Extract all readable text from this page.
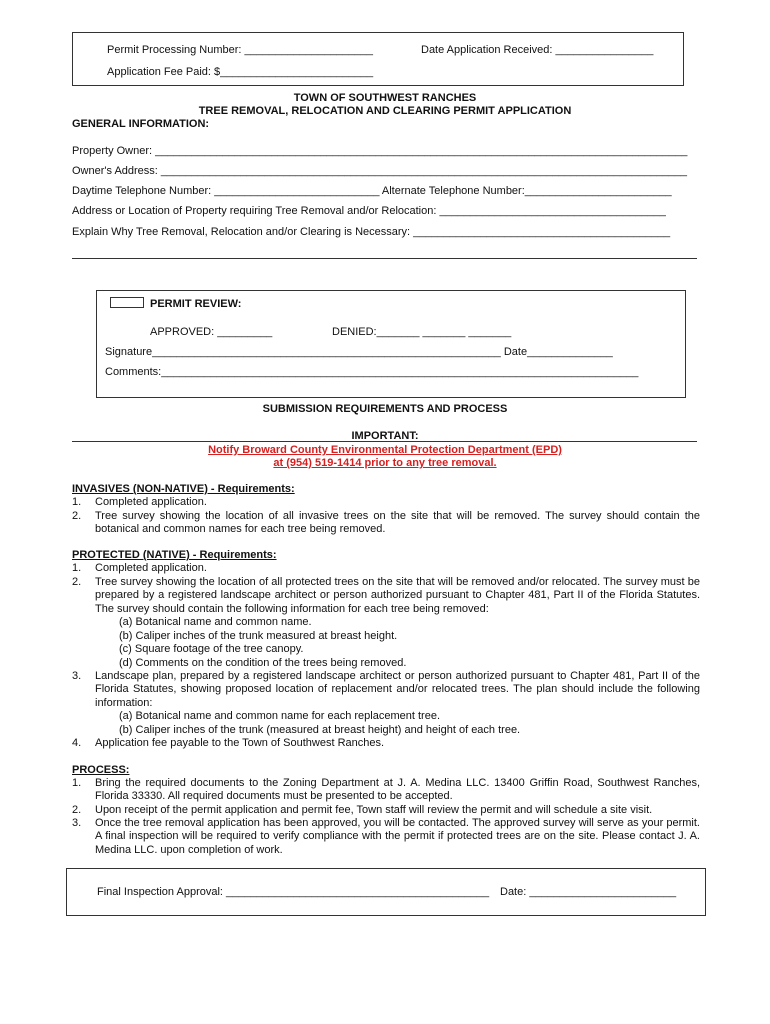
Permit Processing Number: _____________________	Date Application Received: ________________
Application Fee Paid: $_________________________
TOWN OF SOUTHWEST RANCHES
TREE REMOVAL, RELOCATION AND CLEARING PERMIT APPLICATION
GENERAL INFORMATION:
Property Owner: _______________________________________________________________________________________
Owner's Address: ______________________________________________________________________________________
Daytime Telephone Number: ___________________________ Alternate Telephone Number:________________________
Address or Location of Property requiring Tree Removal and/or Relocation: _____________________________________
Explain Why Tree Removal, Relocation and/or Clearing is Necessary: __________________________________________
PERMIT REVIEW:
APPROVED: _________	DENIED:_______ _______ _______
Signature_________________________________________________________ Date______________
Comments:______________________________________________________________________________
SUBMISSION REQUIREMENTS AND PROCESS
IMPORTANT:
Notify Broward County Environmental Protection Department (EPD)
at (954) 519-1414 prior to any tree removal.
INVASIVES (NON-NATIVE) - Requirements:
1. Completed application.
2. Tree survey showing the location of all invasive trees on the site that will be removed. The survey should contain the botanical and common names for each tree being removed.
PROTECTED (NATIVE) - Requirements:
1. Completed application.
2. Tree survey showing the location of all protected trees on the site that will be removed and/or relocated. The survey must be prepared by a registered landscape architect or person authorized pursuant to Chapter 481, Part II of the Florida Statutes. The survey should contain the following information for each tree being removed:
(a) Botanical name and common name.
(b) Caliper inches of the trunk measured at breast height.
(c) Square footage of the tree canopy.
(d) Comments on the condition of the trees being removed.
3. Landscape plan, prepared by a registered landscape architect or person authorized pursuant to Chapter 481, Part II of the Florida Statutes, showing proposed location of replacement and/or relocated trees. The plan should include the following information:
(a) Botanical name and common name for each replacement tree.
(b) Caliper inches of the trunk (measured at breast height) and height of each tree.
4. Application fee payable to the Town of Southwest Ranches.
PROCESS:
1. Bring the required documents to the Zoning Department at J. A. Medina LLC. 13400 Griffin Road, Southwest Ranches, Florida 33330. All required documents must be presented to be accepted.
2. Upon receipt of the permit application and permit fee, Town staff will review the permit and will schedule a site visit.
3. Once the tree removal application has been approved, you will be contacted. The approved survey will serve as your permit. A final inspection will be required to verify compliance with the permit if protected trees are on the site. Please contact J. A. Medina LLC. upon completion of work.
Final Inspection Approval: ___________________________________________ Date: ________________________
